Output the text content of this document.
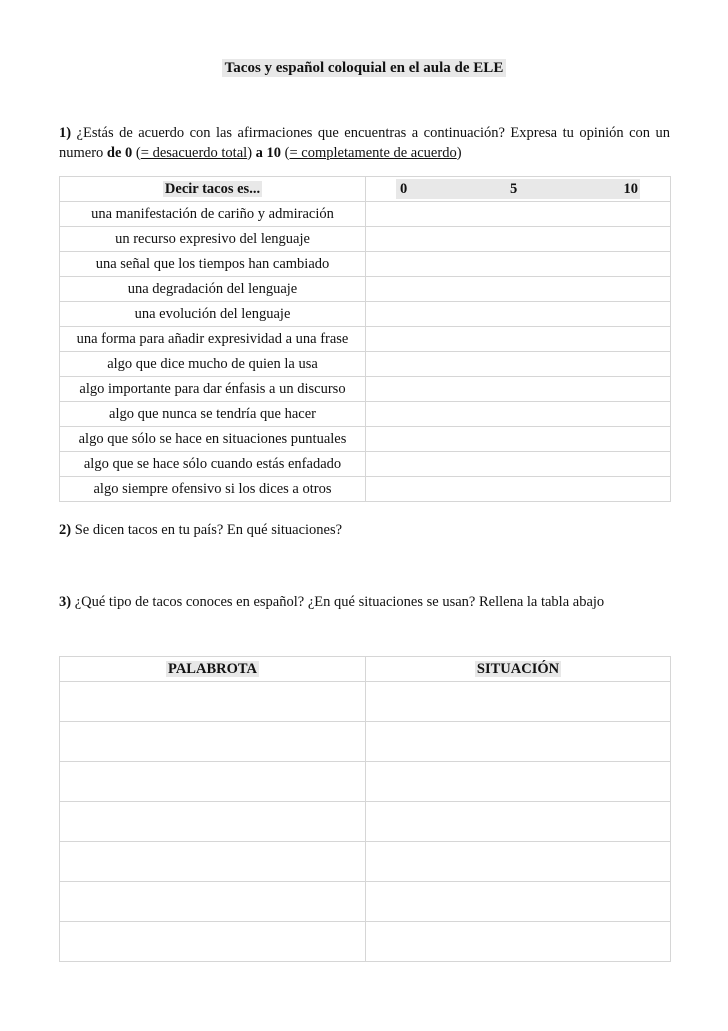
Tacos y español coloquial en el aula de ELE
1) ¿Estás de acuerdo con las afirmaciones que encuentras a continuación? Expresa tu opinión con un numero de 0 (= desacuerdo total) a 10 (= completamente de acuerdo)
Decir tacos es...	0 5 10

una manifestación de cariño y admiración	
un recurso expresivo del lenguaje	
una señal que los tiempos han cambiado	
una degradación del lenguaje	
una evolución del lenguaje	
una forma para añadir expresividad a una frase	
algo que dice mucho de quien la usa	
algo importante para dar énfasis a un discurso	
algo que nunca se tendría que hacer	
algo que sólo se hace en situaciones puntuales	
algo que se hace sólo cuando estás enfadado	
algo siempre ofensivo si los dices a otros	
2) Se dicen tacos en tu país? En qué situaciones?
3) ¿Qué tipo de tacos conoces en español? ¿En qué situaciones se usan? Rellena la tabla abajo
PALABROTA	SITUACIÓN
